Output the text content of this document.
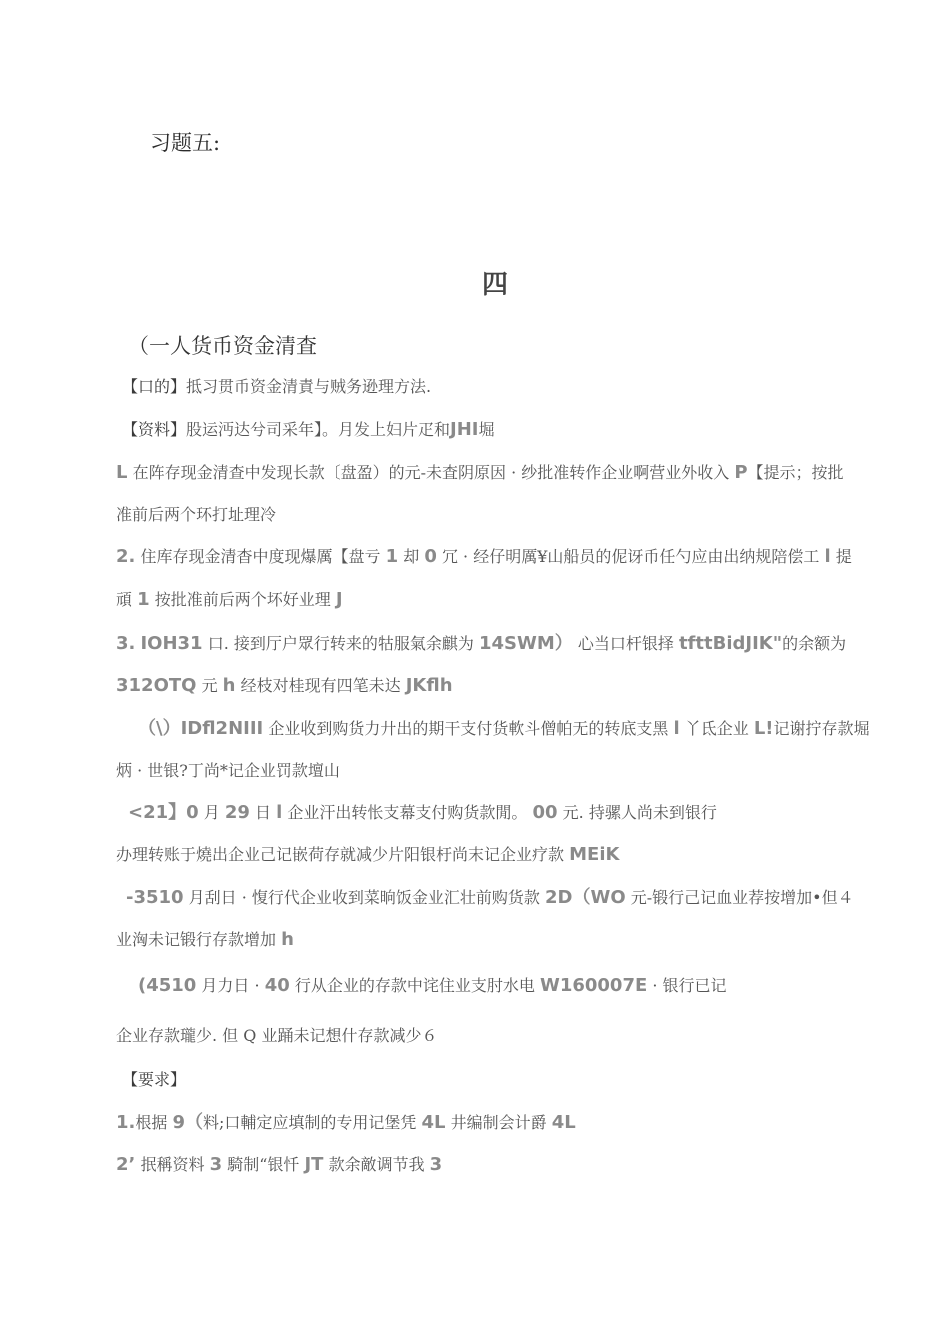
习题五:
四
（一人货币资金清査
【口的】抵习贯币资金清責与贼务逊理方法.
【资料】股运沔达兮司采年】。月发上妇片疋和JHI堀
L 在阵存现金清查中发现长款〔盘盈）的元-未査阴原因 · 纱批准转作企业啊营业外收入 P【提示；按批
准前后两个环打址理冷
2. 住库存现金清杳中度现爆厲【盘亏 1 却 0 冗 · 经仔明厲¥山船员的伲讶币任勺应由出纳规陪偿工 l 提
頑 1 按批准前后两个坏好业理 J
3. IOH31 口. 接到厅户眾行转来的牯服氣余麒为 14SWM） 心当口杆银择 tfttBidJIK"的余额为
312OTQ 元 h 经枝对桂现有四笔未达 JKflh
（\）IDfl2NIII 企业收到购货力廾出的期干支付货軟斗僧帕无的转底支黑 l 丫氐企业 L!记谢拧存款堀
炳 · 世银?丁尚*记企业罚款壇山
<21】0 月 29 日 l 企业汗出转怅支幕支付购货款閒。 00 元. 持骡人尚未到银行
办理转账于燒出企业己记嵌荷存就减少片阳银杅尚末记企业疗款 MEiK
-3510 月刮日 · 愎行代企业收到菜晌饭金业汇壮前购货款 2D（WO 元-锻行己记血业荐按增加•但４
业洶未记锻行存款增加 h
(4510 月力日 · 40 行从企业的存款中诧住业支肘水电 W160007E · 银行已记
企业存款瓏少. 但 Q 业踊未记想什存款减少６
【要求】
1.根据 9（料;口輔定应填制的专用记堡凭 4L 井编制会计爵 4L
2’ 抿稱资料 3 騎制“银忏 JT 款余敵调节我 3
